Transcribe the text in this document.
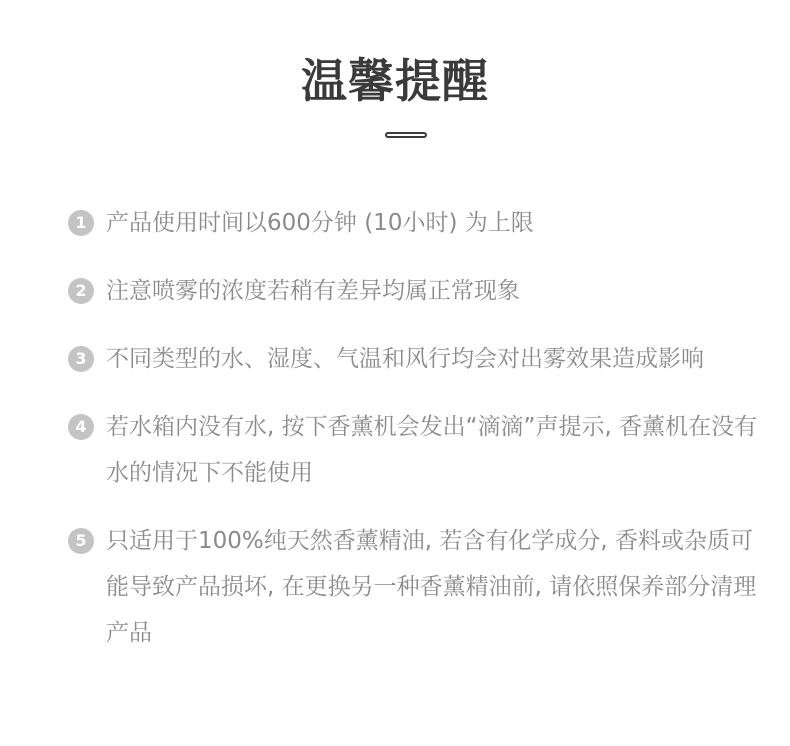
温馨提醒
1 产品使用时间以600分钟 (10小时) 为上限
2 注意喷雾的浓度若稍有差异均属正常现象
3 不同类型的水、湿度、气温和风行均会对出雾效果造成影响
4 若水箱内没有水, 按下香薰机会发出“滴滴”声提示, 香薰机在没有水的情况下不能使用
5 只适用于100%纯天然香薰精油, 若含有化学成分, 香料或杂质可能导致产品损坏, 在更换另一种香薰精油前, 请依照保养部分清理产品
